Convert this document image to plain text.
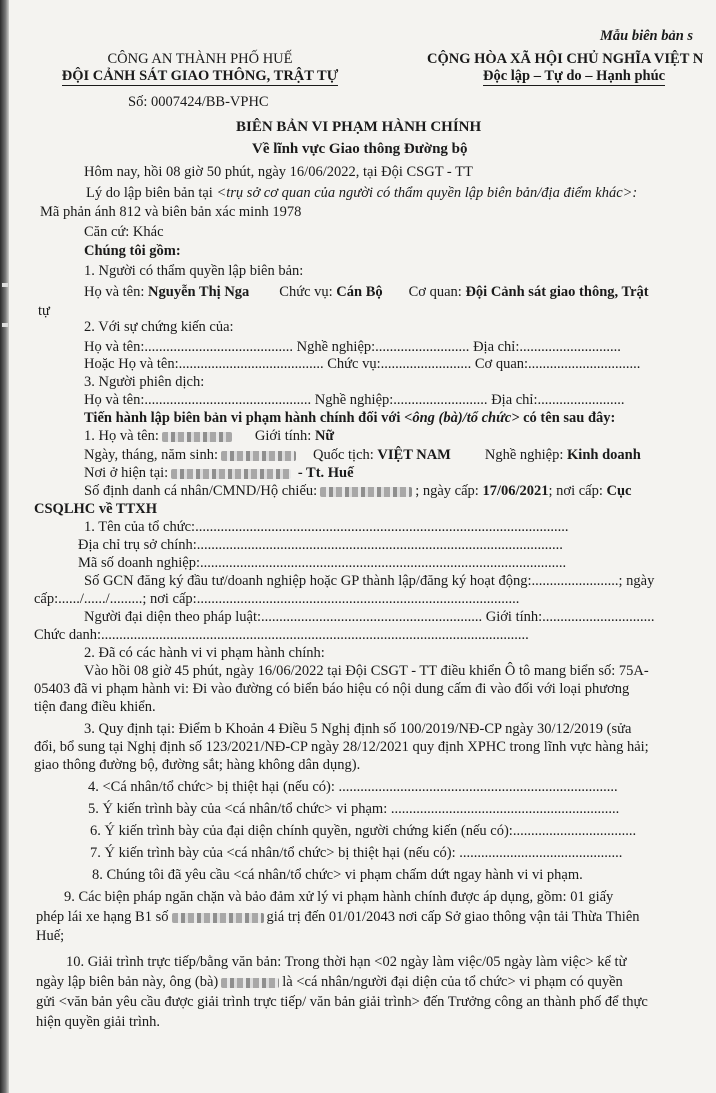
Mẫu biên bản s
CÔNG AN THÀNH PHỐ HUẾ
ĐỘI CẢNH SÁT GIAO THÔNG, TRẬT TỰ
CỘNG HÒA XÃ HỘI CHỦ NGHĨA VIỆT N
Độc lập – Tự do – Hạnh phúc
Số: 0007424/BB-VPHC
BIÊN BẢN VI PHẠM HÀNH CHÍNH
Về lĩnh vực Giao thông Đường bộ
Hôm nay, hồi 08 giờ 50 phút, ngày 16/06/2022, tại Đội CSGT - TT
Lý do lập biên bản tại <trụ sở cơ quan của người có thẩm quyền lập biên bản/địa điểm khác>:
Mã phản ánh 812 và biên bản xác minh 1978
Căn cứ: Khác
Chúng tôi gồm:
1. Người có thẩm quyền lập biên bản:
Họ và tên: Nguyễn Thị Nga Chức vụ: Cán Bộ Cơ quan: Đội Cảnh sát giao thông, Trật
tự
2. Với sự chứng kiến của:
Họ và tên:......................................... Nghề nghiệp:.......................... Địa chỉ:............................
Hoặc Họ và tên:........................................ Chức vụ:......................... Cơ quan:...............................
3. Người phiên dịch:
Họ và tên:.............................................. Nghề nghiệp:.......................... Địa chỉ:........................
Tiến hành lập biên bản vi phạm hành chính đối với <ông (bà)/tổ chức> có tên sau đây:
1. Họ và tên:	Giới tính: Nữ
Ngày, tháng, năm sinh:	Quốc tịch: VIỆT NAM Nghề nghiệp: Kinh doanh
Nơi ở hiện tại:	- Tt. Huế
Số định danh cá nhân/CMND/Hộ chiếu:	; ngày cấp: 17/06/2021; nơi cấp: Cục
CSQLHC về TTXH
1. Tên của tổ chức:.......................................................................................................
Địa chỉ trụ sở chính:.....................................................................................................
Mã số doanh nghiệp:.....................................................................................................
Số GCN đăng ký đầu tư/doanh nghiệp hoặc GP thành lập/đăng ký hoạt động:........................; ngày
cấp:....../....../.........; nơi cấp:.........................................................................................
Người đại diện theo pháp luật:............................................................. Giới tính:...............................
Chức danh:......................................................................................................................
2. Đã có các hành vi vi phạm hành chính:
Vào hồi 08 giờ 45 phút, ngày 16/06/2022 tại Đội CSGT - TT điều khiển Ô tô mang biển số: 75A-
05403 đã vi phạm hành vi: Đi vào đường có biển báo hiệu có nội dung cấm đi vào đối với loại phương
tiện đang điều khiển.
3. Quy định tại: Điểm b Khoản 4 Điều 5 Nghị định số 100/2019/NĐ-CP ngày 30/12/2019 (sửa
đổi, bổ sung tại Nghị định số 123/2021/NĐ-CP ngày 28/12/2021 quy định XPHC trong lĩnh vực hàng hải;
giao thông đường bộ, đường sắt; hàng không dân dụng).
4. <Cá nhân/tổ chức> bị thiệt hại (nếu có): .............................................................................
5. Ý kiến trình bày của <cá nhân/tổ chức> vi phạm: ...............................................................
6. Ý kiến trình bày của đại diện chính quyền, người chứng kiến (nếu có):..................................
7. Ý kiến trình bày của <cá nhân/tổ chức> bị thiệt hại (nếu có): .............................................
8. Chúng tôi đã yêu cầu <cá nhân/tổ chức> vi phạm chấm dứt ngay hành vi vi phạm.
9. Các biện pháp ngăn chặn và bảo đảm xử lý vi phạm hành chính được áp dụng, gồm: 01 giấy
phép lái xe hạng B1 số	giá trị đến 01/01/2043 nơi cấp Sở giao thông vận tải Thừa Thiên
Huế;
10. Giải trình trực tiếp/bằng văn bản: Trong thời hạn <02 ngày làm việc/05 ngày làm việc> kể từ
ngày lập biên bản này, ông (bà)	là <cá nhân/người đại diện của tổ chức> vi phạm có quyền
gửi <văn bản yêu cầu được giải trình trực tiếp/ văn bản giải trình> đến Trưởng công an thành phố để thực
hiện quyền giải trình.
